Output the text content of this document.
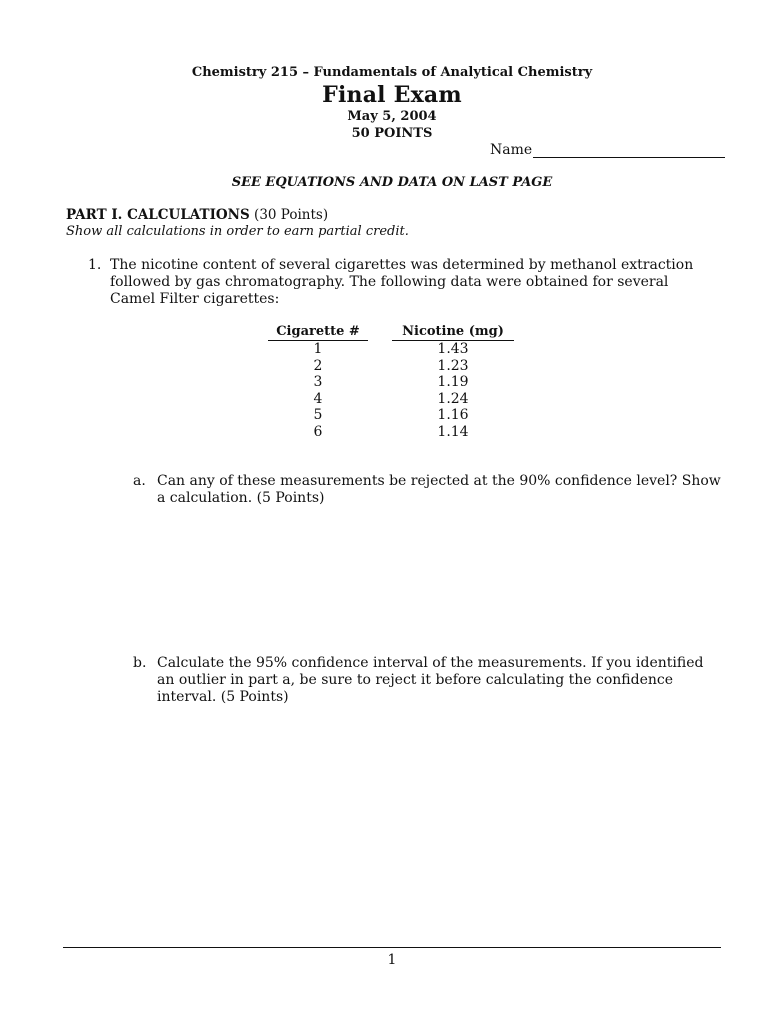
Chemistry 215 – Fundamentals of Analytical Chemistry
Final Exam
May 5, 2004
50 POINTS
Name
SEE EQUATIONS AND DATA ON LAST PAGE
PART I. CALCULATIONS (30 Points)
Show all calculations in order to earn partial credit.
1. The nicotine content of several cigarettes was determined by methanol extraction followed by gas chromatography. The following data were obtained for several Camel Filter cigarettes:
Cigarette #		Nicotine (mg)
1		1.43
2		1.23
3		1.19
4		1.24
5		1.16
6		1.14
a. Can any of these measurements be rejected at the 90% confidence level? Show a calculation. (5 Points)
b. Calculate the 95% confidence interval of the measurements. If you identified an outlier in part a, be sure to reject it before calculating the confidence interval. (5 Points)
1
